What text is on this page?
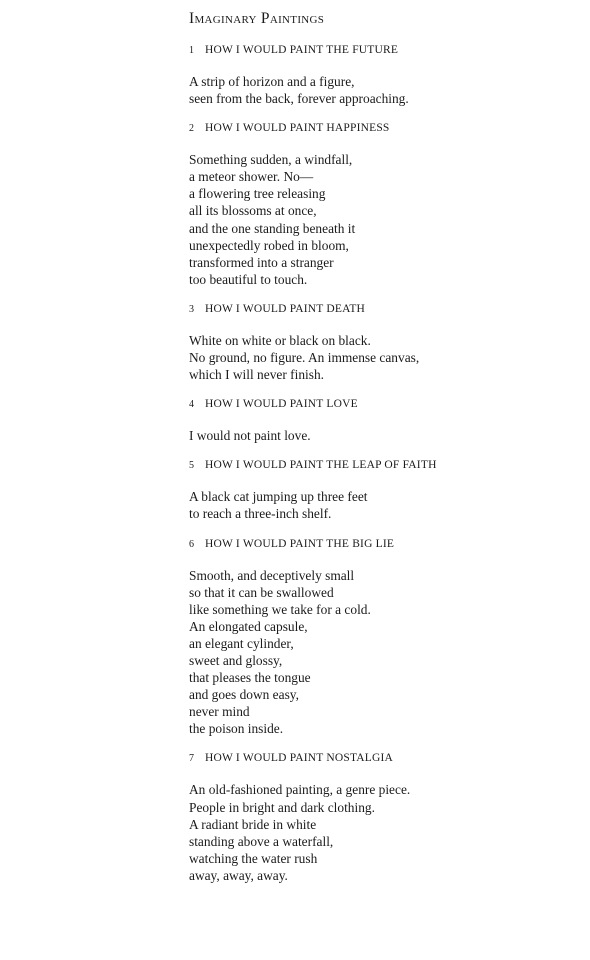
Imaginary Paintings
1 HOW I WOULD PAINT THE FUTURE
A strip of horizon and a figure,
seen from the back, forever approaching.
2 HOW I WOULD PAINT HAPPINESS
Something sudden, a windfall,
a meteor shower. No—
a flowering tree releasing
all its blossoms at once,
and the one standing beneath it
unexpectedly robed in bloom,
transformed into a stranger
too beautiful to touch.
3 HOW I WOULD PAINT DEATH
White on white or black on black.
No ground, no figure. An immense canvas,
which I will never finish.
4 HOW I WOULD PAINT LOVE
I would not paint love.
5 HOW I WOULD PAINT THE LEAP OF FAITH
A black cat jumping up three feet
to reach a three-inch shelf.
6 HOW I WOULD PAINT THE BIG LIE
Smooth, and deceptively small
so that it can be swallowed
like something we take for a cold.
An elongated capsule,
an elegant cylinder,
sweet and glossy,
that pleases the tongue
and goes down easy,
never mind
the poison inside.
7 HOW I WOULD PAINT NOSTALGIA
An old-fashioned painting, a genre piece.
People in bright and dark clothing.
A radiant bride in white
standing above a waterfall,
watching the water rush
away, away, away.
